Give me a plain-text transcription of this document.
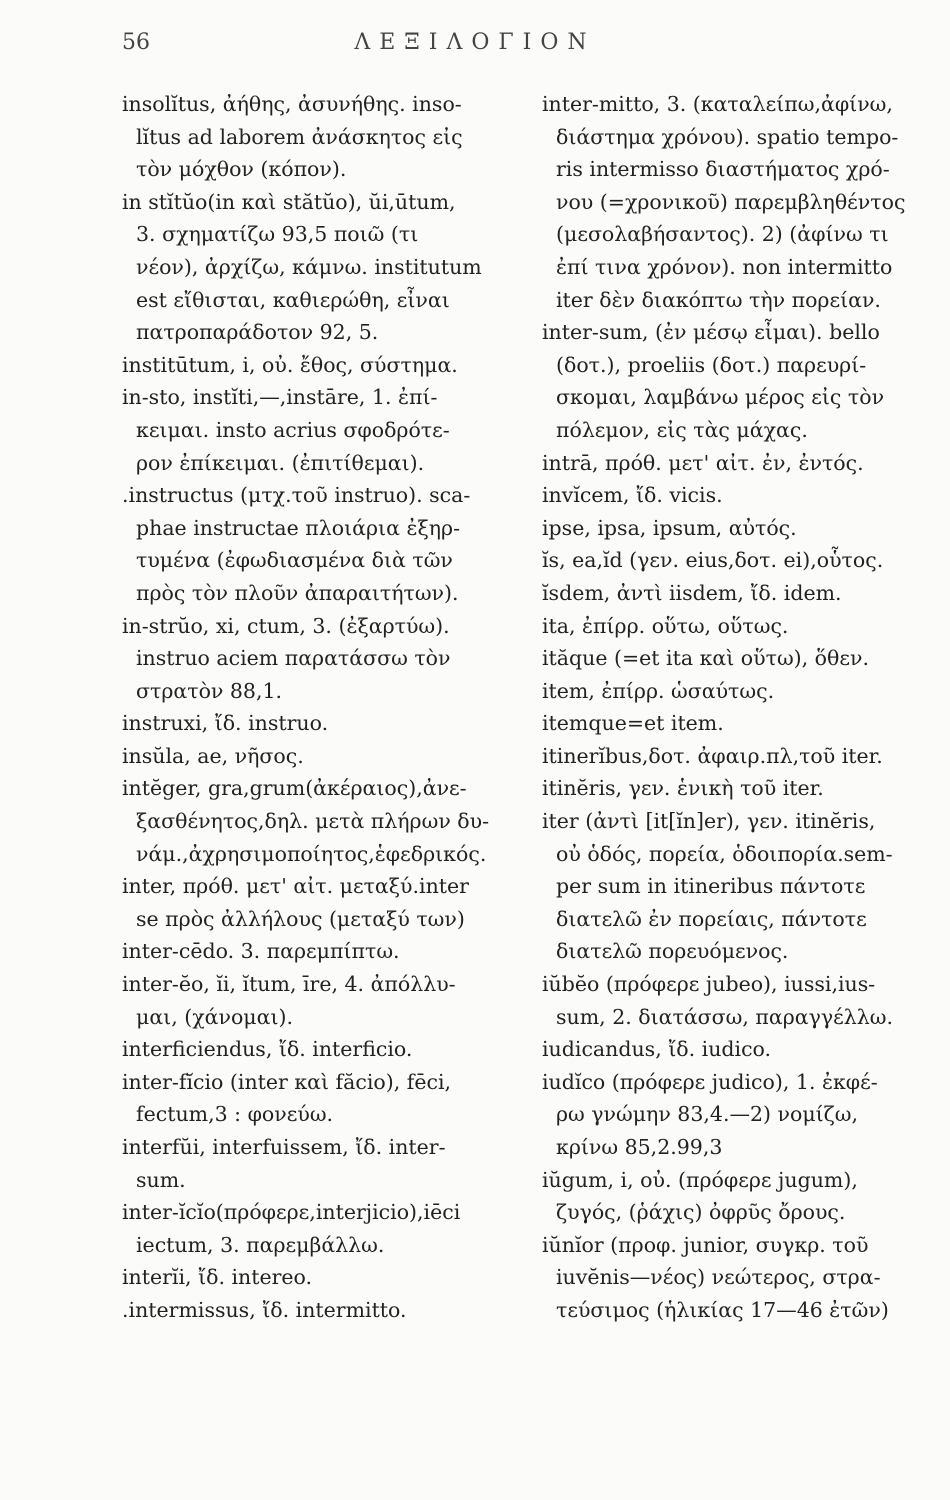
56	ΛΕΞΙΛΟΓΙΟΝ
insolĭtus, ἀήθης, ἀσυνήθης. inso-
lĭtus ad laborem ἀνάσκητος εἰς
τὸν μόχθον (κόπον).
in stĭtŭo(in καὶ stătŭo), ŭi,ūtum,
3. σχηματίζω 93,5 ποιῶ (τι
νέον), ἀρχίζω, κάμνω. institutum
est εἴθισται, καθιερώθη, εἶναι
πατροπαράδοτον 92, 5.
institūtum, i, οὐ. ἔθος, σύστημα.
in-sto, instĭti,—,instāre, 1. ἐπί-
κειμαι. insto acrius σφοδρότε-
ρον ἐπίκειμαι. (ἐπιτίθεμαι).
.instructus (μτχ.τοῦ instruo). sca-
phae instructae πλοιάρια ἐξηρ-
τυμένα (ἐφωδιασμένα διὰ τῶν
πρὸς τὸν πλοῦν ἀπαραιτήτων).
in-strŭo, xi, ctum, 3. (ἐξαρτύω).
instruo aciem παρατάσσω τὸν
στρατὸν 88,1.
instruxi, ἴδ. instruo.
insŭla, ae, νῆσος.
intĕger, gra,grum(ἀκέραιος),ἀνε-
ξασθένητος,δηλ. μετὰ πλήρων δυ-
νάμ.,ἀχρησιμοποίητος,ἑφεδρικός.
inter, πρόθ. μετ' αἰτ. μεταξύ.inter
se πρὸς ἀλλήλους (μεταξύ των)
inter-cēdo. 3. παρεμπίπτω.
inter-ĕo, ĭi, ĭtum, īre, 4. ἀπόλλυ-
μαι, (χάνομαι).
interficiendus, ἴδ. interficio.
inter-fĭcio (inter καὶ făcio), fēci,
fectum,3 : φονεύω.
interfŭi, interfuissem, ἴδ. inter-
sum.
inter-ĭcĭo(πρόφερε,interjicio),iēci
iectum, 3. παρεμβάλλω.
interĭi, ἴδ. intereo.
.intermissus, ἴδ. intermitto.
inter-mitto, 3. (καταλείπω,ἀφίνω,
διάστημα χρόνου). spatio tempo-
ris intermisso διαστήματος χρό-
νου (=χρονικοῦ) παρεμβληθέντος
(μεσολαβήσαντος). 2) (ἀφίνω τι
ἐπί τινα χρόνον). non intermitto
iter δὲν διακόπτω τὴν πορείαν.
inter-sum, (ἐν μέσῳ εἶμαι). bello
(δοτ.), proeliis (δοτ.) παρευρί-
σκομαι, λαμβάνω μέρος εἰς τὸν
πόλεμον, εἰς τὰς μάχας.
intrā, πρόθ. μετ' αἰτ. ἐν, ἐντός.
invĭcem, ἴδ. vicis.
ipse, ipsa, ipsum, αὐτός.
ĭs, ea,ĭd (γεν. eius,δοτ. ei),οὗτος.
ĭsdem, ἀντὶ iisdem, ἴδ. idem.
ita, ἐπίρρ. οὕτω, οὕτως.
ităque (=et ita καὶ οὕτω), ὅθεν.
item, ἐπίρρ. ὡσαύτως.
itemque=et item.
itinerĭbus,δοτ. ἀφαιρ.πλ,τοῦ iter.
itinĕris, γεν. ἑνικὴ τοῦ iter.
iter (ἀντὶ [it[ĭn]er), γεν. itinĕris,
οὐ ὁδός, πορεία, ὁδοιπορία.sem-
per sum in itineribus πάντοτε
διατελῶ ἐν πορείαις, πάντοτε
διατελῶ πορευόμενος.
iŭbĕo (πρόφερε jubeo), iussi,ius-
sum, 2. διατάσσω, παραγγέλλω.
iudicandus, ἴδ. iudico.
iudĭco (πρόφερε judico), 1. ἐκφέ-
ρω γνώμην 83,4.—2) νομίζω,
κρίνω 85,2.99,3
iŭgum, i, οὐ. (πρόφερε jugum),
ζυγός, (ῥάχις) ὀφρῦς ὄρους.
iŭnĭor (προφ. junior, συγκρ. τοῦ
iuvĕnis—νέος) νεώτερος, στρα-
τεύσιμος (ἡλικίας 17—46 ἐτῶν)
